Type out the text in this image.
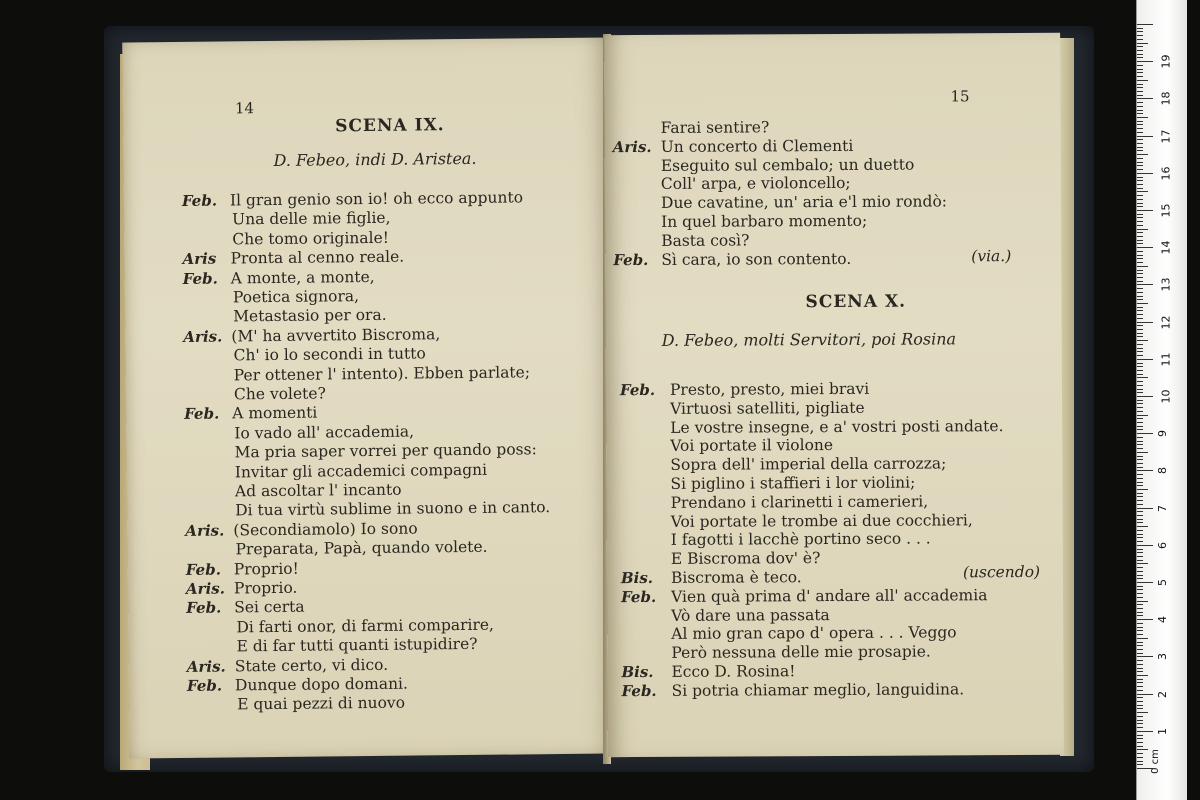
14
SCENA IX.
D. Febeo, indi D. Aristea.
Feb. Il gran genio son io! oh ecco appunto
Una delle mie figlie,
Che tomo originale!
Aris Pronta al cenno reale.
Feb. A monte, a monte,
Poetica signora,
Metastasio per ora.
Aris. (M' ha avvertito Biscroma,
Ch' io lo secondi in tutto
Per ottener l' intento). Ebben parlate;
Che volete?
Feb. A momenti
Io vado all' accademia,
Ma pria saper vorrei per quando poss:
Invitar gli accademici compagni
Ad ascoltar l' incanto
Di tua virtù sublime in suono e in canto.
Aris. (Secondiamolo) Io sono
Preparata, Papà, quando volete.
Feb. Proprio!
Aris. Proprio.
Feb. Sei certa
Di farti onor, di farmi comparire,
E di far tutti quanti istupidire?
Aris. State certo, vi dico.
Feb. Dunque dopo domani.
E quai pezzi di nuovo
15
Farai sentire?
Aris. Un concerto di Clementi
Eseguito sul cembalo; un duetto
Coll' arpa, e violoncello;
Due cavatine, un' aria e'l mio rondò:
In quel barbaro momento;
Basta così?
Feb. Sì cara, io son contento.	(via.)
SCENA X.
D. Febeo, molti Servitori, poi Rosina
Feb. Presto, presto, miei bravi
Virtuosi satelliti, pigliate
Le vostre insegne, e a' vostri posti andate.
Voi portate il violone
Sopra dell' imperial della carrozza;
Si piglino i staffieri i lor violini;
Prendano i clarinetti i camerieri,
Voi portate le trombe ai due cocchieri,
I fagotti i lacchè portino seco . . .
E Biscroma dov' è?
Bis. Biscroma è teco.
Feb. Vien quà prima d' andare all' accademia
Vò dare una passata
Al mio gran capo d' opera . . . Veggo
Però nessuna delle mie prosapie.
Bis. Ecco D. Rosina!
Feb. Si potria chiamar meglio, languidina.
(uscendo)
19
18
17
16
15
14
13
12
11
10
9
8
7
6
5
4
3
2
1
0 cm
